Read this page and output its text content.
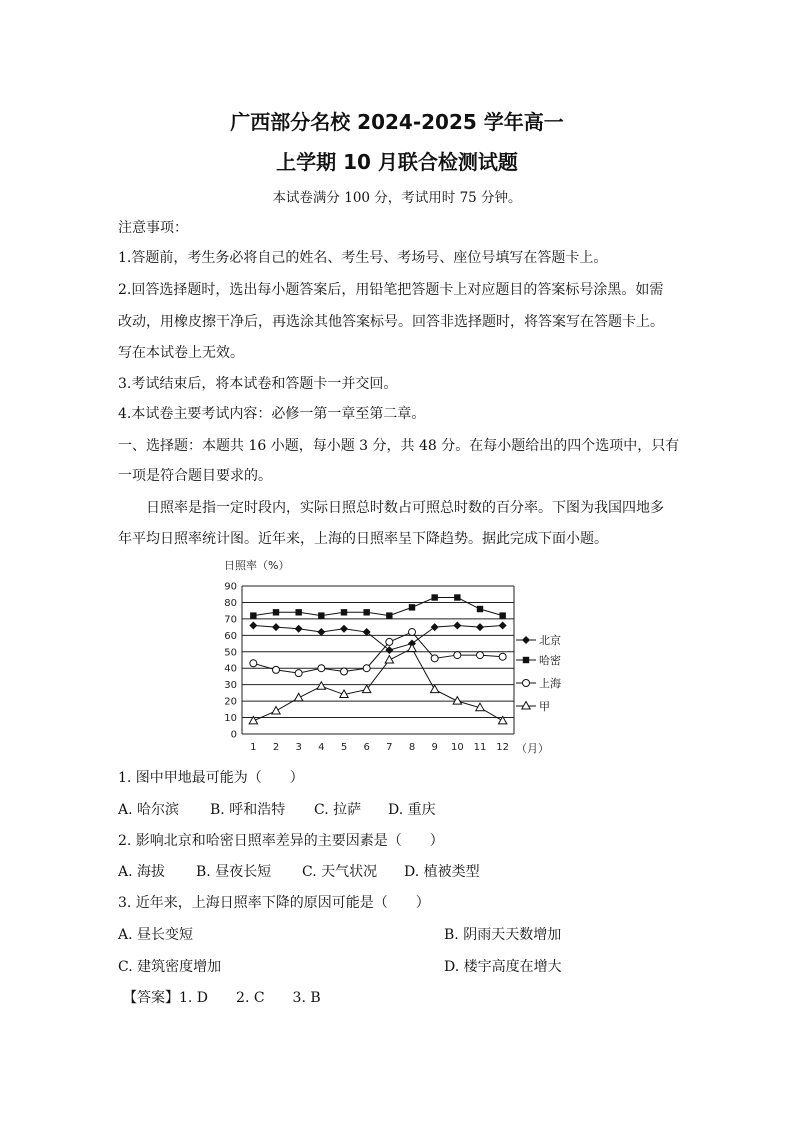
广西部分名校 2024-2025 学年高一
上学期 10 月联合检测试题
本试卷满分 100 分，考试用时 75 分钟。
注意事项：
1.答题前，考生务必将自己的姓名、考生号、考场号、座位号填写在答题卡上。
2.回答选择题时，选出每小题答案后，用铅笔把答题卡上对应题目的答案标号涂黑。如需
改动，用橡皮擦干净后，再选涂其他答案标号。回答非选择题时，将答案写在答题卡上。
写在本试卷上无效。
3.考试结束后，将本试卷和答题卡一并交回。
4.本试卷主要考试内容：必修一第一章至第二章。
一、选择题：本题共 16 小题，每小题 3 分，共 48 分。在每小题给出的四个选项中，只有
一项是符合题目要求的。
日照率是指一定时段内，实际日照总时数占可照总时数的百分率。下图为我国四地多
年平均日照率统计图。近年来，上海的日照率呈下降趋势。据此完成下面小题。
日照率（%）
0
10
20
30
40
50
60
70
80
90
1 2 3 4 5 6 7 8 9 10 11 12
北京
哈密
上海
甲
（月）
1. 图中甲地最可能为（　　）
A. 哈尔滨 B. 呼和浩特 C. 拉萨 D. 重庆
2. 影响北京和哈密日照率差异的主要因素是（　　）
A. 海拔 B. 昼夜长短 C. 天气状况 D. 植被类型
3. 近年来，上海日照率下降的原因可能是（　　）
A. 昼长变短	B. 阴雨天天数增加
C. 建筑密度增加	D. 楼宇高度在增大
【答案】1. D　　2. C　　3. B
